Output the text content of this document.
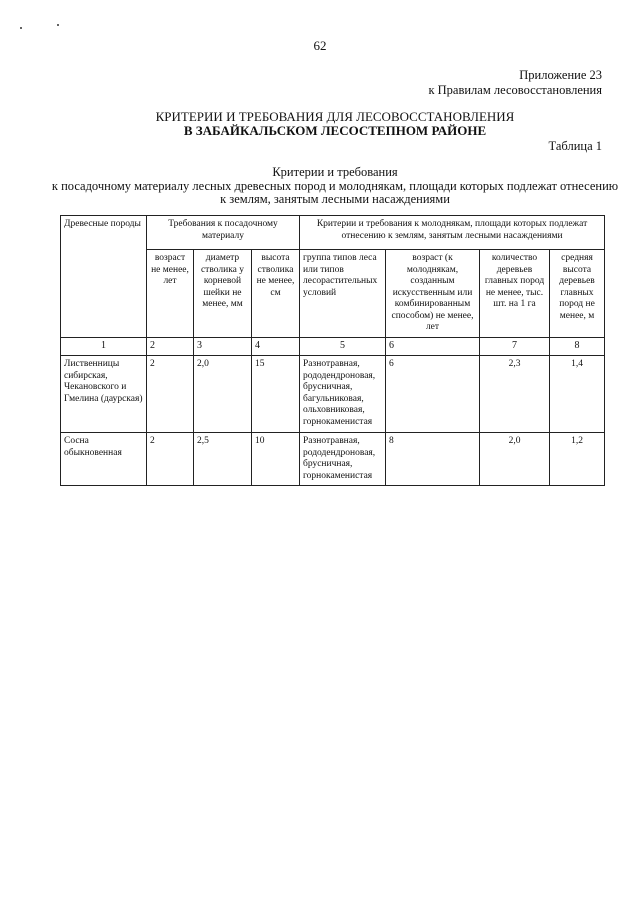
62
Приложение 23
к Правилам лесовосстановления
КРИТЕРИИ И ТРЕБОВАНИЯ ДЛЯ ЛЕСОВОССТАНОВЛЕНИЯ
В ЗАБАЙКАЛЬСКОМ ЛЕСОСТЕПНОМ РАЙОНЕ
Таблица 1
Критерии и требования
к посадочному материалу лесных древесных пород и молоднякам, площади которых подлежат отнесению
к землям, занятым лесными насаждениями
Древесные породы	Требования к посадочному материалу			Критерии и требования к молоднякам, площади которых подлежат отнесению к землям, занятым лесными насаждениями			
	возраст не менее, лет	диаметр стволика у корневой шейки не менее, мм	высота стволика не менее, см	группа типов леса или типов лесорастительных условий	возраст (к молоднякам, созданным искусственным или комбинированным способом) не менее, лет	количество деревьев главных пород не менее, тыс. шт. на 1 га	средняя высота деревьев главных пород не менее, м
1	2	3	4	5	6	7	8
Лиственницы сибирская, Чекановского и Гмелина (даурская)	2	2,0	15	Разнотравная, рододендроновая, брусничная, багульниковая, ольховниковая, горнокаменистая	6	2,3	1,4
Сосна обыкновенная	2	2,5	10	Разнотравная, рододендроновая, брусничная, горнокаменистая	8	2,0	1,2
